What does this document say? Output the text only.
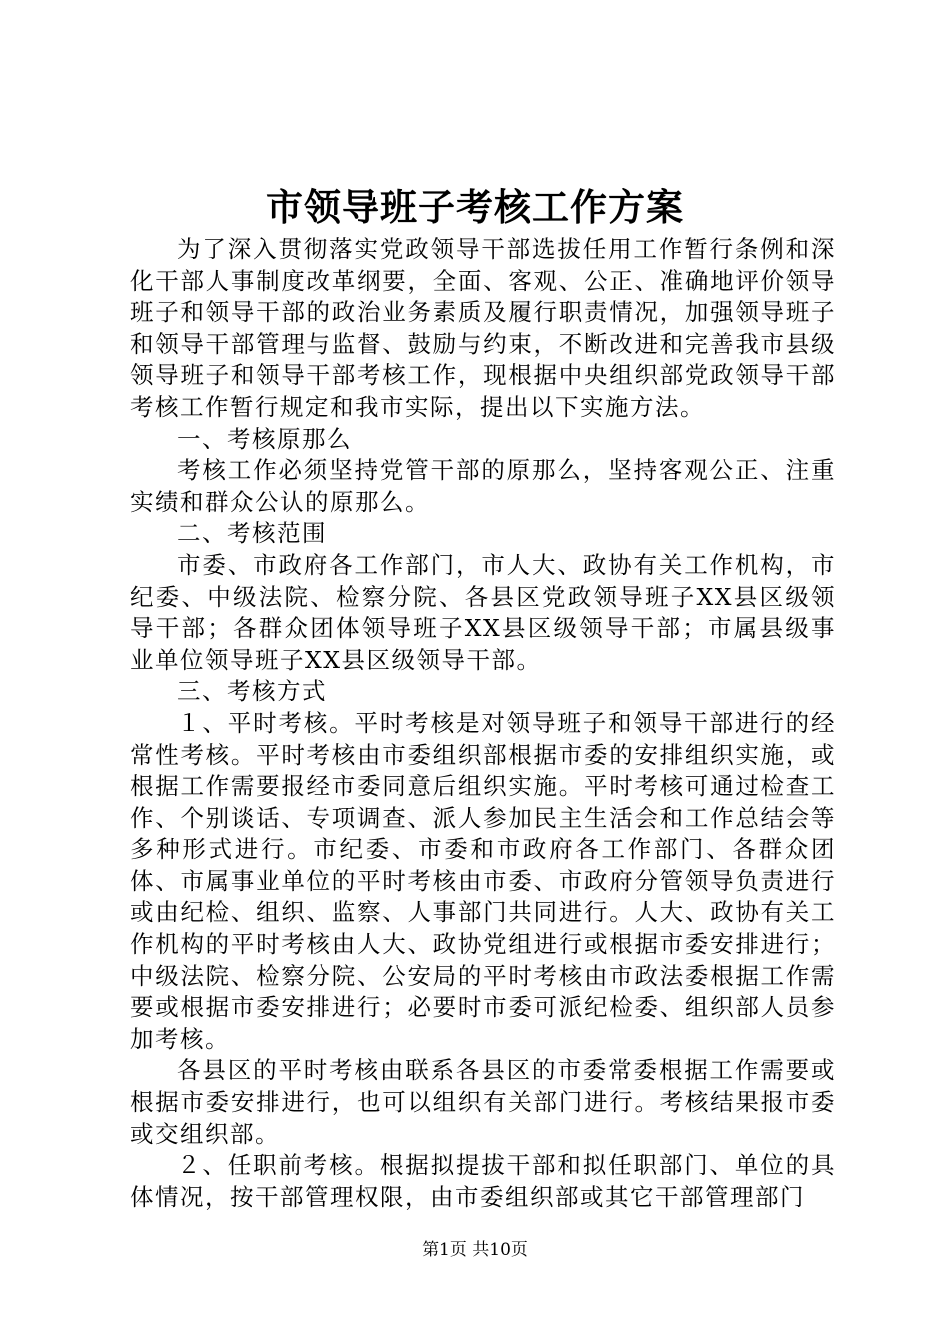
市领导班子考核工作方案

为了深入贯彻落实党政领导干部选拔任用工作暂行条例和深化干部人事制度改革纲要，全面、客观、公正、准确地评价领导班子和领导干部的政治业务素质及履行职责情况，加强领导班子和领导干部管理与监督、鼓励与约束，不断改进和完善我市县级领导班子和领导干部考核工作，现根据中央组织部党政领导干部考核工作暂行规定和我市实际，提出以下实施方法。

一、考核原那么

考核工作必须坚持党管干部的原那么，坚持客观公正、注重实绩和群众公认的原那么。

二、考核范围

市委、市政府各工作部门，市人大、政协有关工作机构，市纪委、中级法院、检察分院、各县区党政领导班子XX县区级领导干部；各群众团体领导班子XX县区级领导干部；市属县级事业单位领导班子XX县区级领导干部。

三、考核方式

１、平时考核。平时考核是对领导班子和领导干部进行的经常性考核。平时考核由市委组织部根据市委的安排组织实施，或根据工作需要报经市委同意后组织实施。平时考核可通过检查工作、个别谈话、专项调查、派人参加民主生活会和工作总结会等多种形式进行。市纪委、市委和市政府各工作部门、各群众团体、市属事业单位的平时考核由市委、市政府分管领导负责进行或由纪检、组织、监察、人事部门共同进行。人大、政协有关工作机构的平时考核由人大、政协党组进行或根据市委安排进行；中级法院、检察分院、公安局的平时考核由市政法委根据工作需要或根据市委安排进行；必要时市委可派纪检委、组织部人员参加考核。

各县区的平时考核由联系各县区的市委常委根据工作需要或根据市委安排进行，也可以组织有关部门进行。考核结果报市委或交组织部。

２、任职前考核。根据拟提拔干部和拟任职部门、单位的具体情况，按干部管理权限，由市委组织部或其它干部管理部门

第1页 共10页
